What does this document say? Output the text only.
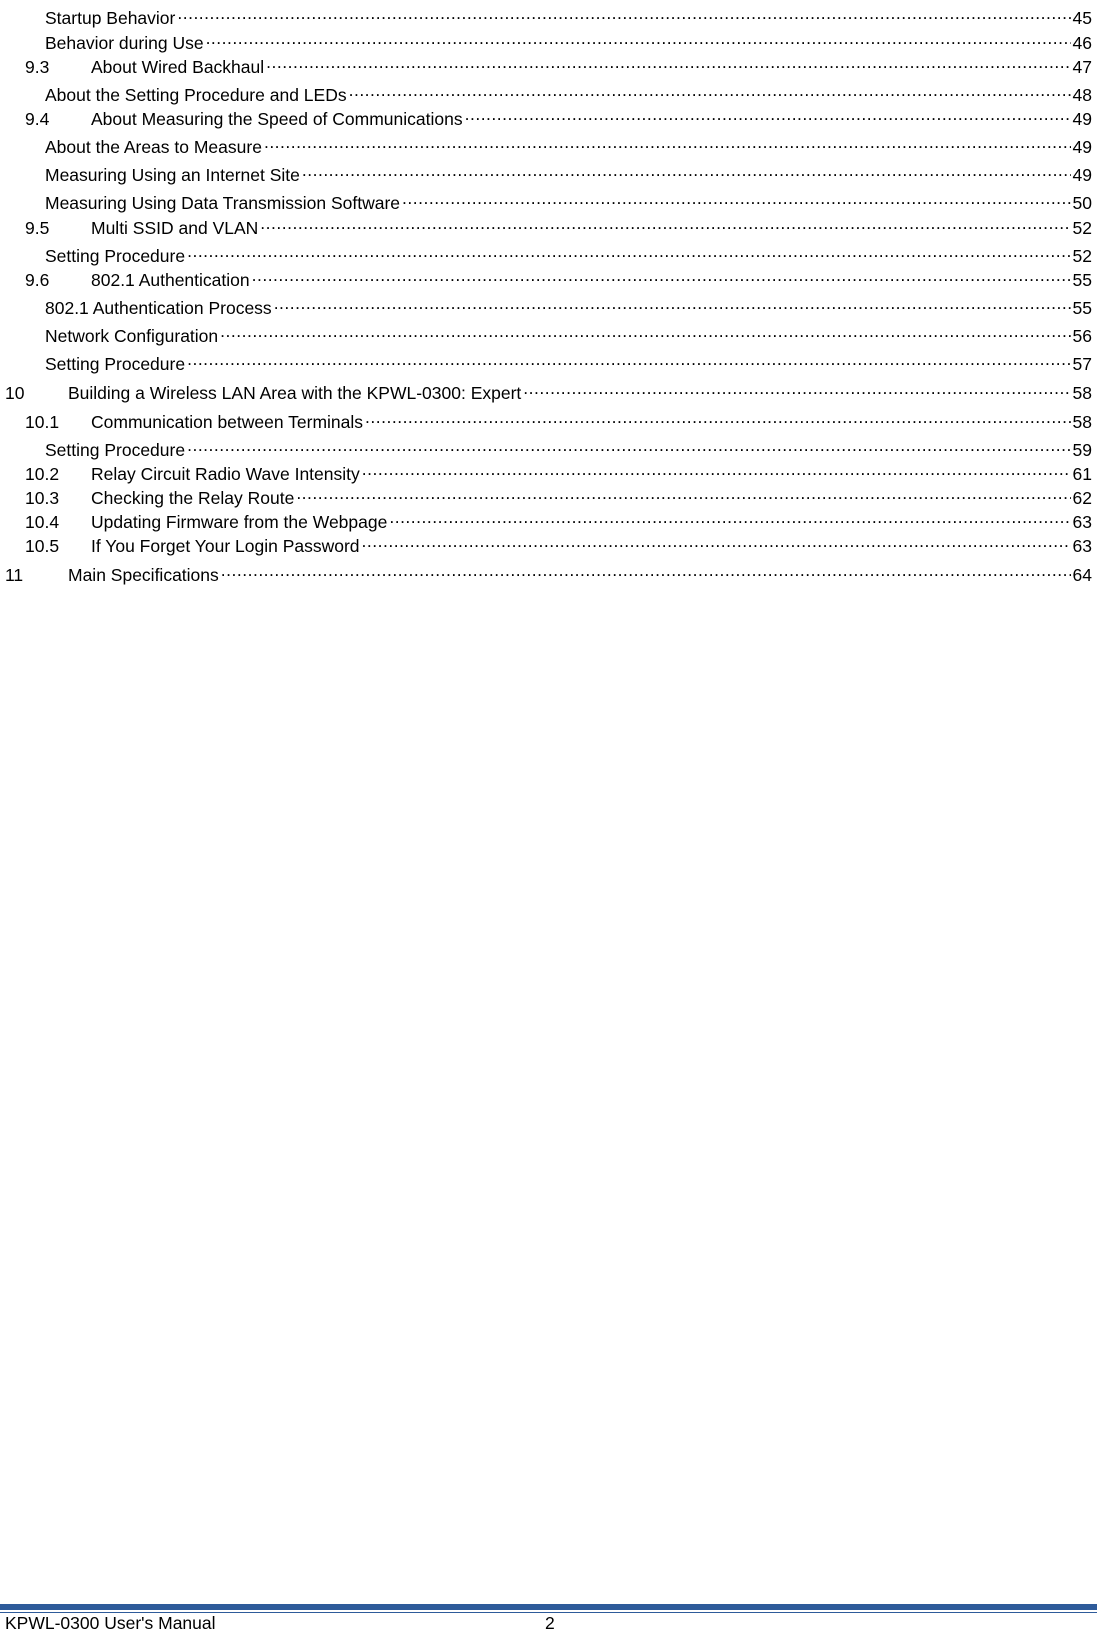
Startup Behavior .....	45
Behavior during Use .....	46
9.3	About Wired Backhaul .....	47
About the Setting Procedure and LEDs .....	48
9.4	About Measuring the Speed of Communications .....	49
About the Areas to Measure .....	49
Measuring Using an Internet Site .....	49
Measuring Using Data Transmission Software .....	50
9.5	Multi SSID and VLAN .....	52
Setting Procedure .....	52
9.6	802.1 Authentication .....	55
802.1 Authentication Process .....	55
Network Configuration .....	56
Setting Procedure .....	57
10	Building a Wireless LAN Area with the KPWL-0300: Expert .....	58
10.1	Communication between Terminals .....	58
Setting Procedure .....	59
10.2	Relay Circuit Radio Wave Intensity .....	61
10.3	Checking the Relay Route .....	62
10.4	Updating Firmware from the Webpage .....	63
10.5	If You Forget Your Login Password .....	63
11	Main Specifications .....	64
KPWL-0300 User's Manual	2
